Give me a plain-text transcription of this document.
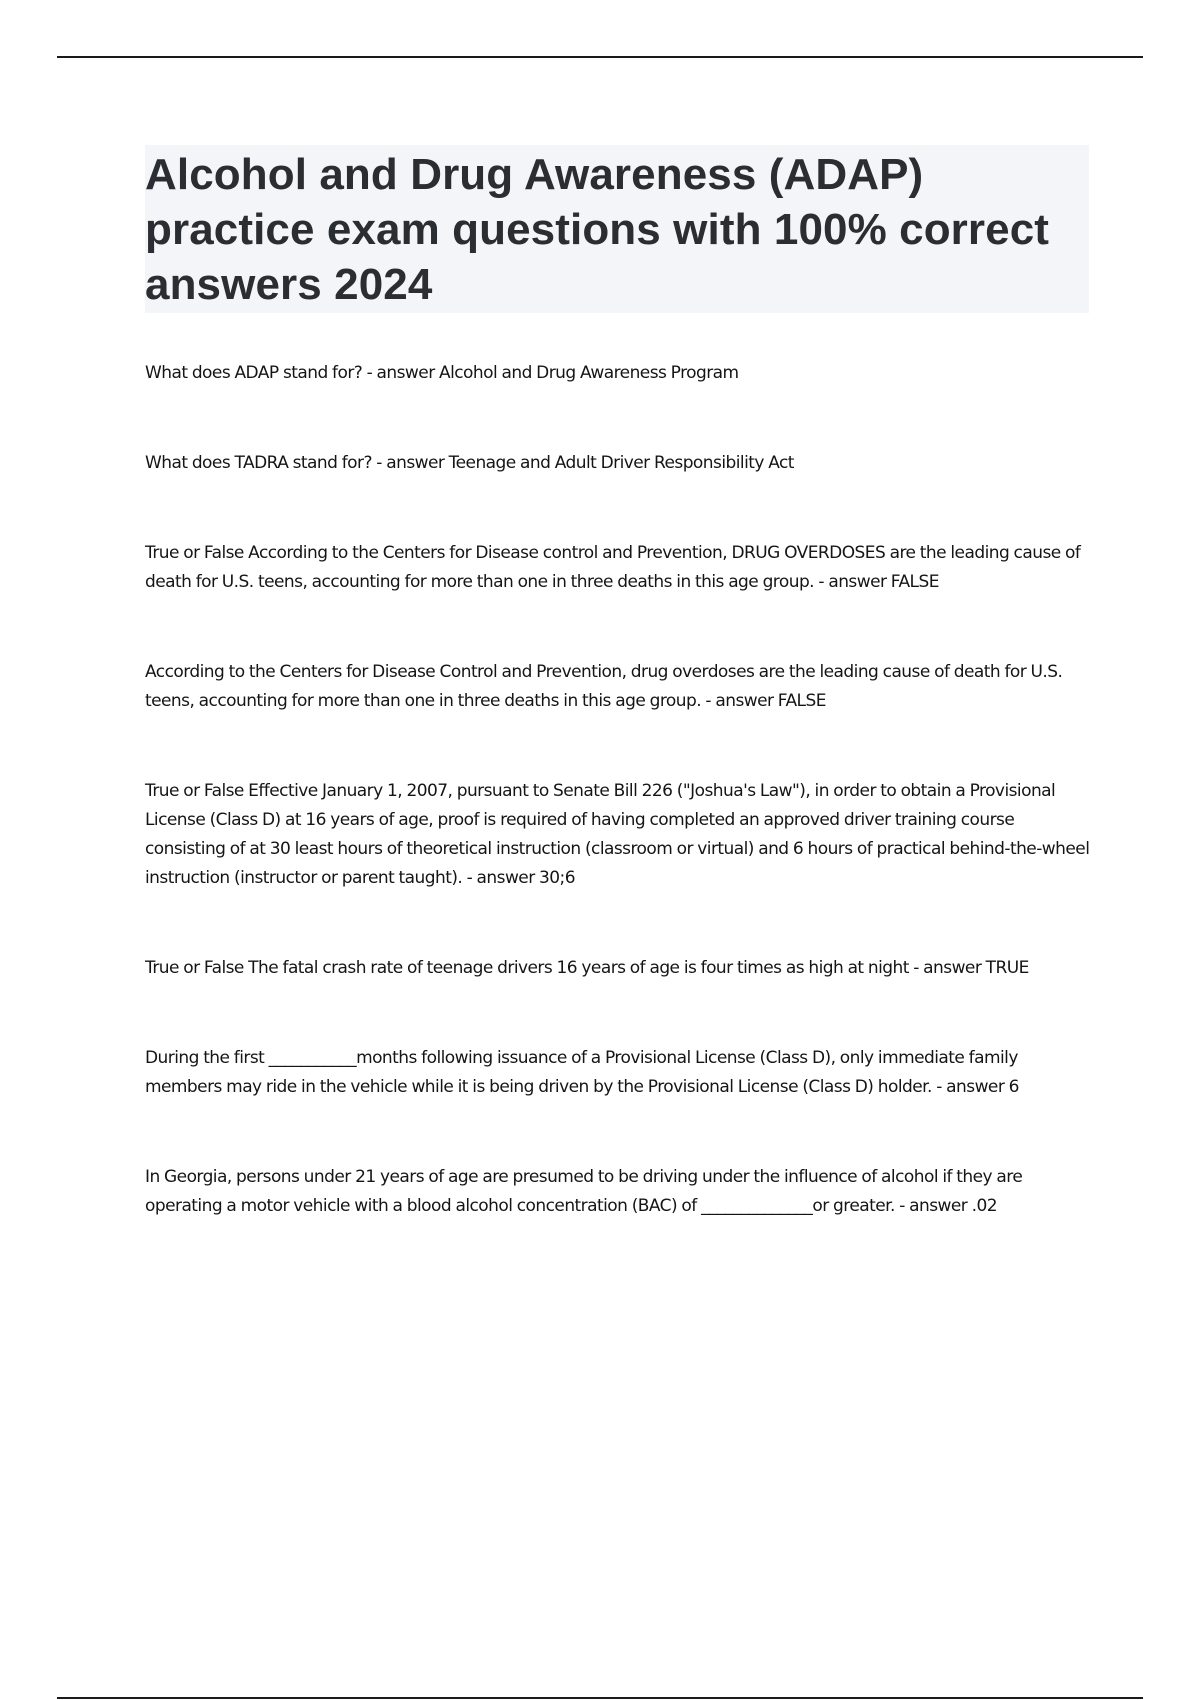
Alcohol and Drug Awareness (ADAP) practice exam questions with 100% correct answers 2024
What does ADAP stand for? - answer Alcohol and Drug Awareness Program
What does TADRA stand for? - answer Teenage and Adult Driver Responsibility Act
True or False According to the Centers for Disease control and Prevention, DRUG OVERDOSES are the leading cause of death for U.S. teens, accounting for more than one in three deaths in this age group. - answer FALSE
According to the Centers for Disease Control and Prevention, drug overdoses are the leading cause of death for U.S. teens, accounting for more than one in three deaths in this age group. - answer FALSE
True or False Effective January 1, 2007, pursuant to Senate Bill 226 ("Joshua's Law"), in order to obtain a Provisional License (Class D) at 16 years of age, proof is required of having completed an approved driver training course consisting of at 30 least hours of theoretical instruction (classroom or virtual) and 6 hours of practical behind-the-wheel instruction (instructor or parent taught). - answer 30;6
True or False The fatal crash rate of teenage drivers 16 years of age is four times as high at night - answer TRUE
During the first ___________months following issuance of a Provisional License (Class D), only immediate family members may ride in the vehicle while it is being driven by the Provisional License (Class D) holder. - answer 6
In Georgia, persons under 21 years of age are presumed to be driving under the influence of alcohol if they are operating a motor vehicle with a blood alcohol concentration (BAC) of ______________or greater. - answer .02
